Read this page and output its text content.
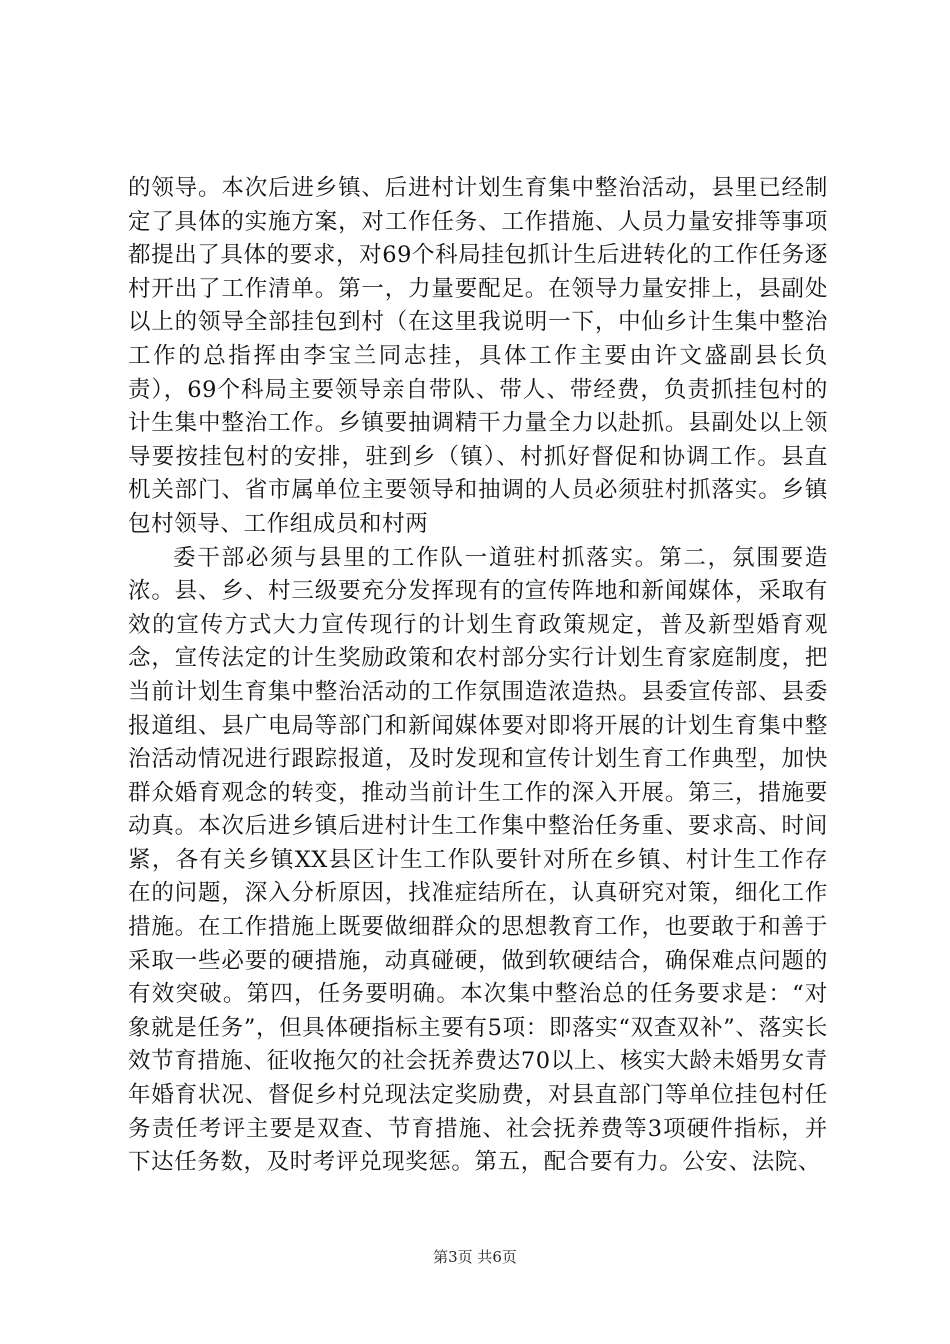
的领导。本次后进乡镇、后进村计划生育集中整治活动，县里已经制定了具体的实施方案，对工作任务、工作措施、人员力量安排等事项都提出了具体的要求，对69个科局挂包抓计生后进转化的工作任务逐村开出了工作清单。第一，力量要配足。在领导力量安排上，县副处以上的领导全部挂包到村（在这里我说明一下，中仙乡计生集中整治工作的总指挥由李宝兰同志挂，具体工作主要由许文盛副县长负责），69个科局主要领导亲自带队、带人、带经费，负责抓挂包村的计生集中整治工作。乡镇要抽调精干力量全力以赴抓。县副处以上领导要按挂包村的安排，驻到乡（镇）、村抓好督促和协调工作。县直机关部门、省市属单位主要领导和抽调的人员必须驻村抓落实。乡镇包村领导、工作组成员和村两

委干部必须与县里的工作队一道驻村抓落实。第二，氛围要造浓。县、乡、村三级要充分发挥现有的宣传阵地和新闻媒体，采取有效的宣传方式大力宣传现行的计划生育政策规定，普及新型婚育观念，宣传法定的计生奖励政策和农村部分实行计划生育家庭制度，把当前计划生育集中整治活动的工作氛围造浓造热。县委宣传部、县委报道组、县广电局等部门和新闻媒体要对即将开展的计划生育集中整治活动情况进行跟踪报道，及时发现和宣传计划生育工作典型，加快群众婚育观念的转变，推动当前计生工作的深入开展。第三，措施要动真。本次后进乡镇后进村计生工作集中整治任务重、要求高、时间紧，各有关乡镇XX县区计生工作队要针对所在乡镇、村计生工作存在的问题，深入分析原因，找准症结所在，认真研究对策，细化工作措施。在工作措施上既要做细群众的思想教育工作，也要敢于和善于采取一些必要的硬措施，动真碰硬，做到软硬结合，确保难点问题的有效突破。第四，任务要明确。本次集中整治总的任务要求是：“对象就是任务”，但具体硬指标主要有5项：即落实“双查双补”、落实长效节育措施、征收拖欠的社会抚养费达70以上、核实大龄未婚男女青年婚育状况、督促乡村兑现法定奖励费，对县直部门等单位挂包村任务责任考评主要是双查、节育措施、社会抚养费等3项硬件指标，并下达任务数，及时考评兑现奖惩。第五，配合要有力。公安、法院、

第3页 共6页
